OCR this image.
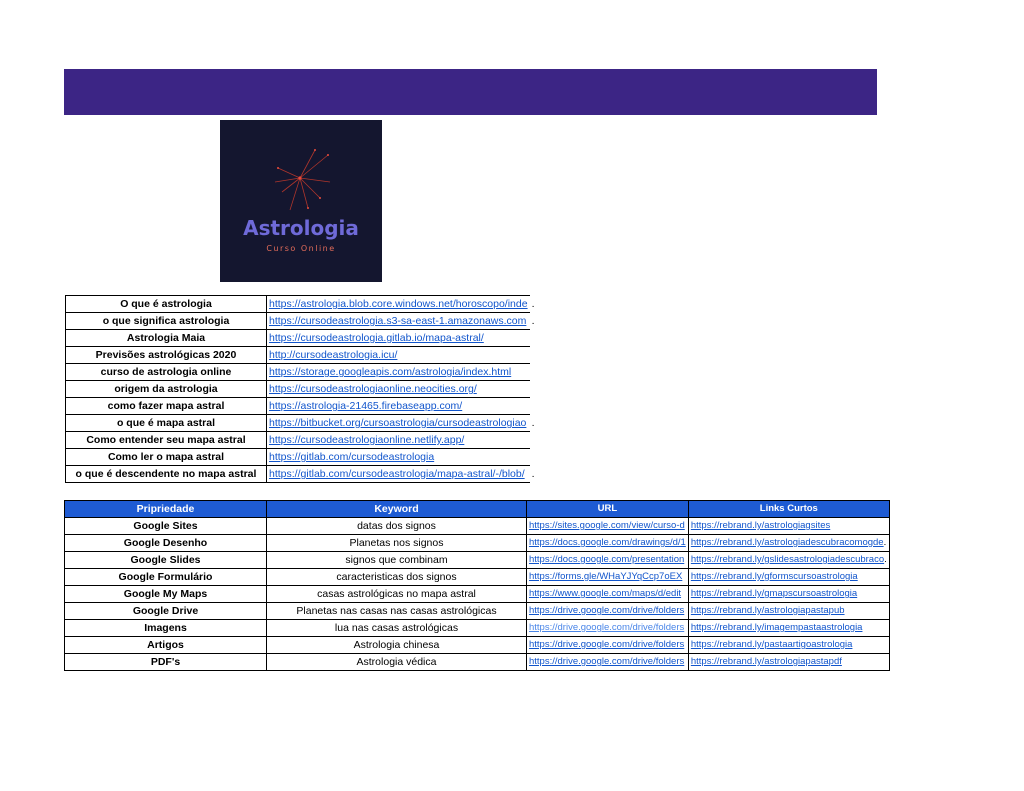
Curso de Astrologia Online - Descubra Como
Astrologia
Curso Online
O que é astrologia	https://astrologia.blob.core.windows.net/horoscopo/inde	.
o que significa astrologia	https://cursodeastrologia.s3-sa-east-1.amazonaws.com	.
Astrologia Maia	https://cursodeastrologia.gitlab.io/mapa-astral/	
Previsões astrológicas 2020	http://cursodeastrologia.icu/	
curso de astrologia online	https://storage.googleapis.com/astrologia/index.html	
origem da astrologia	https://cursodeastrologiaonline.neocities.org/	
como fazer mapa astral	https://astrologia-21465.firebaseapp.com/	
o que é mapa astral	https://bitbucket.org/cursoastrologia/cursodeastrologiao	.
Como entender seu mapa astral	https://cursodeastrologiaonline.netlify.app/	
Como ler o mapa astral	https://gitlab.com/cursodeastrologia	
o que é descendente no mapa astral	https://gitlab.com/cursodeastrologia/mapa-astral/-/blob/	.
Pripriedade	Keyword	URL	Links Curtos
Google Sites	datas dos signos	https://sites.google.com/view/curso-d	https://rebrand.ly/astrologiagsites
Google Desenho	Planetas nos signos	https://docs.google.com/drawings/d/1	https://rebrand.ly/astrologiadescubracomogde.
Google Slides	signos que combinam	https://docs.google.com/presentation	https://rebrand.ly/gslidesastrologiadescubraco.
Google Formulário	caracteristicas dos signos	https://forms.gle/WHaYJYqCcp7oEX	https://rebrand.ly/gformscursoastrologia
Google My Maps	casas astrológicas no mapa astral	https://www.google.com/maps/d/edit	https://rebrand.ly/gmapscursoastrologia
Google Drive	Planetas nas casas nas casas astrológicas	https://drive.google.com/drive/folders	https://rebrand.ly/astrologiapastapub
Imagens	lua nas casas astrológicas	https://drive.google.com/drive/folders	https://rebrand.ly/imagempastaastrologia
Artigos	Astrologia chinesa	https://drive.google.com/drive/folders	https://rebrand.ly/pastaartigoastrologia
PDF's	Astrologia védica	https://drive.google.com/drive/folders	https://rebrand.ly/astrologiapastapdf
